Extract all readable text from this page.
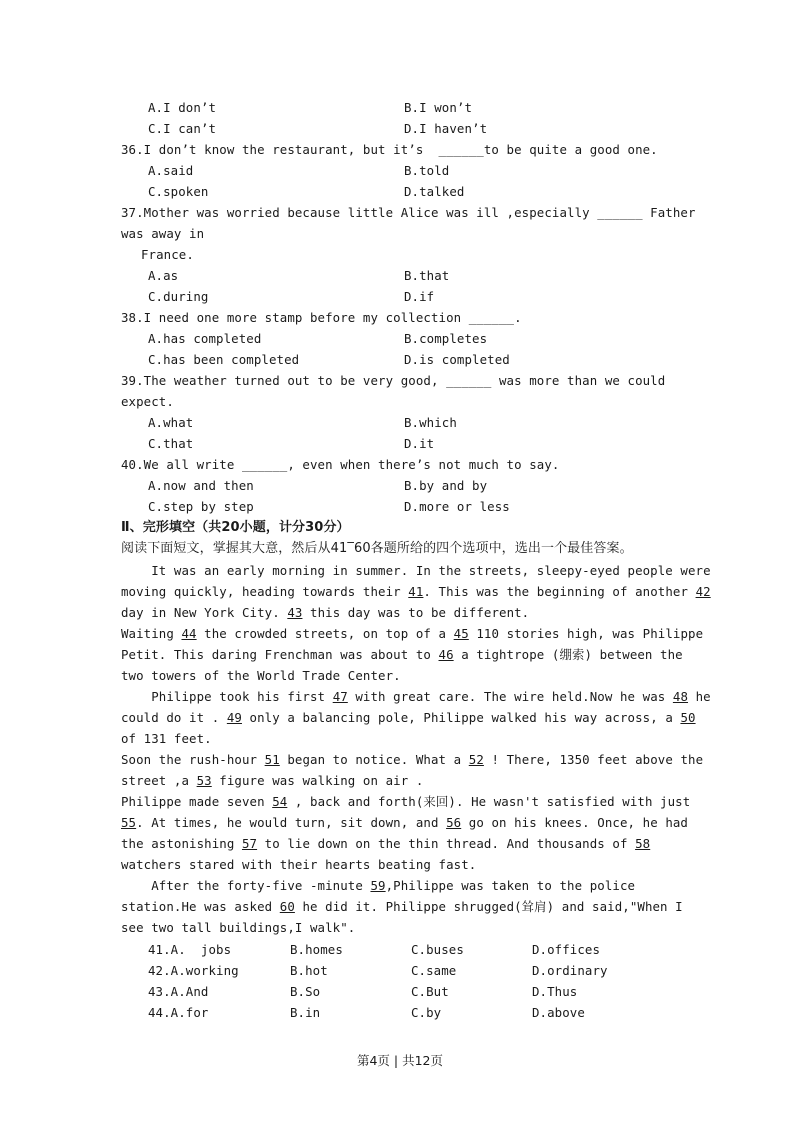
A.I don’t	B.I won’t
C.I can’t	D.I haven’t
36.I don’t know the restaurant, but it’s  ______to be quite a good one.
A.said	B.told
C.spoken	D.talked
37.Mother was worried because little Alice was ill ,especially ______ Father
was away in
France.
A.as	B.that
C.during	D.if
38.I need one more stamp before my collection ______.
A.has completed	B.completes
C.has been completed	D.is completed
39.The weather turned out to be very good, ______ was more than we could
expect.
A.what	B.which
C.that	D.it
40.We all write ______, even when there’s not much to say.
A.now and then	B.by and by
C.step by step	D.more or less
Ⅱ、完形填空（共20小题，计分30分）
阅读下面短文，掌握其大意，然后从41‾60各题所给的四个选项中，选出一个最佳答案。
It was an early morning in summer. In the streets, sleepy-eyed people were
moving quickly, heading towards their 41. This was the beginning of another 42
day in New York City. 43 this day was to be different.
Waiting 44 the crowded streets, on top of a 45 110 stories high, was Philippe
Petit. This daring Frenchman was about to 46 a tightrope (绷索) between the
two towers of the World Trade Center.
Philippe took his first 47 with great care. The wire held.Now he was 48 he
could do it . 49 only a balancing pole, Philippe walked his way across, a 50
of 131 feet.
Soon the rush-hour 51 began to notice. What a 52 ! There, 1350 feet above the
street ,a 53 figure was walking on air .
Philippe made seven 54 , back and forth(来回). He wasn't satisfied with just
55. At times, he would turn, sit down, and 56 go on his knees. Once, he had
the astonishing 57 to lie down on the thin thread. And thousands of 58
watchers stared with their hearts beating fast.
After the forty-five -minute 59,Philippe was taken to the police
station.He was asked 60 he did it. Philippe shrugged(耸肩) and said,"When I
see two tall buildings,I walk".
41.A.  jobs	B.homes	C.buses	D.offices
42.A.working	B.hot	C.same	D.ordinary
43.A.And	B.So	C.But	D.Thus
44.A.for	B.in	C.by	D.above
第4页 | 共12页
